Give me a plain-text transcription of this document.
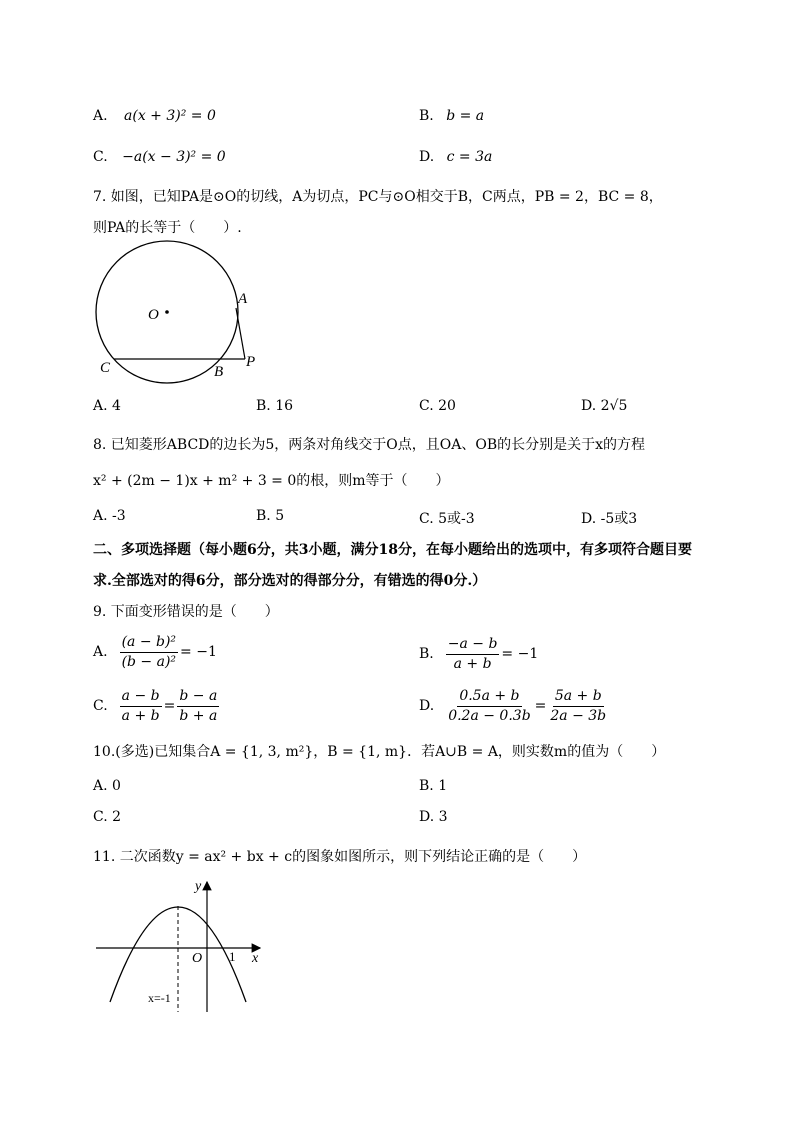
A. a(x + 3)² = 0	B. b = a
C. −a(x − 3)² = 0	D. c = 3a
7. 如图，已知PA是⊙O的切线，A为切点，PC与⊙O相交于B，C两点，PB = 2，BC = 8，
则PA的长等于（　　）.
O
A
C	B
P
A. 4	B. 16	C. 20	D. 2√5
8. 已知菱形ABCD的边长为5，两条对角线交于O点，且OA、OB的长分别是关于x的方程
x² + (2m − 1)x + m² + 3 = 0的根，则m等于（　　）
A. -3	B. 5	C. 5或-3	D. -5或3
二、多项选择题（每小题6分，共3小题，满分18分，在每小题给出的选项中，有多项符合题目要
求.全部选对的得6分，部分选对的得部分分，有错选的得0分.）
9. 下面变形错误的是（　　）
A. $\frac{\text{(a − b)²}}{\text{(b − a)²}} = -1$	B. $\frac{-a - b}{a + b} = -1$
C. $\frac{a - b}{a + b} = \frac{b - a}{b + a}$	D. $\frac{0.5a + b}{0.2a - 0.3b} = \frac{5a + b}{2a - 3b}$
10.(多选)已知集合A = {1, 3, m²}，B = {1, m}．若A∪B = A，则实数m的值为（　　）
A. 0	B. 1
C. 2	D. 3
11. 二次函数y = ax² + bx + c的图象如图所示，则下列结论正确的是（　　）
y
x
O 1
x=-1
